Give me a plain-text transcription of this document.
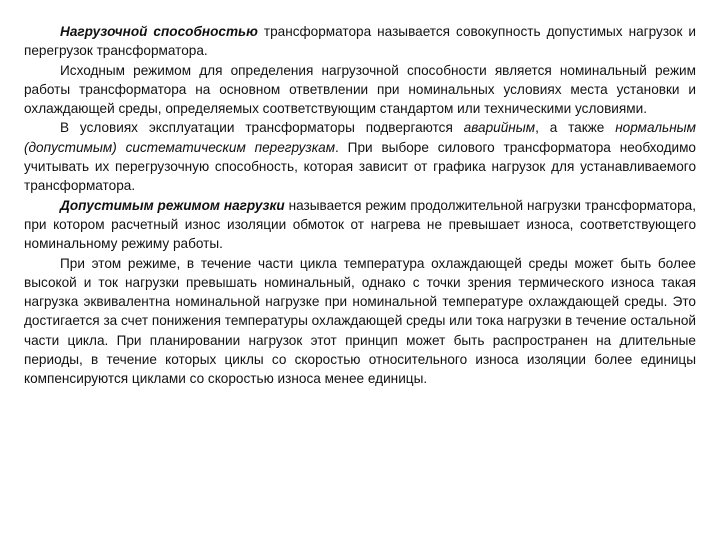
Нагрузочной способностью трансформатора называется совокупность допустимых нагрузок и перегрузок трансформатора.

Исходным режимом для определения нагрузочной способности является номинальный режим работы трансформатора на основном ответвлении при номинальных условиях места установки и охлаждающей среды, определяемых соответствующим стандартом или техническими условиями.

В условиях эксплуатации трансформаторы подвергаются аварийным, а также нормальным (допустимым) систематическим перегрузкам. При выборе силового трансформатора необходимо учитывать их перегрузочную способность, которая зависит от графика нагрузок для устанавливаемого трансформатора.

Допустимым режимом нагрузки называется режим продолжительной нагрузки трансформатора, при котором расчетный износ изоляции обмоток от нагрева не превышает износа, соответствующего номинальному режиму работы.

При этом режиме, в течение части цикла температура охлаждающей среды может быть более высокой и ток нагрузки превышать номинальный, однако с точки зрения термического износа такая нагрузка эквивалентна номинальной нагрузке при номинальной температуре охлаждающей среды. Это достигается за счет понижения температуры охлаждающей среды или тока нагрузки в течение остальной части цикла. При планировании нагрузок этот принцип может быть распространен на длительные периоды, в течение которых циклы со скоростью относительного износа изоляции более единицы компенсируются циклами со скоростью износа менее единицы.
